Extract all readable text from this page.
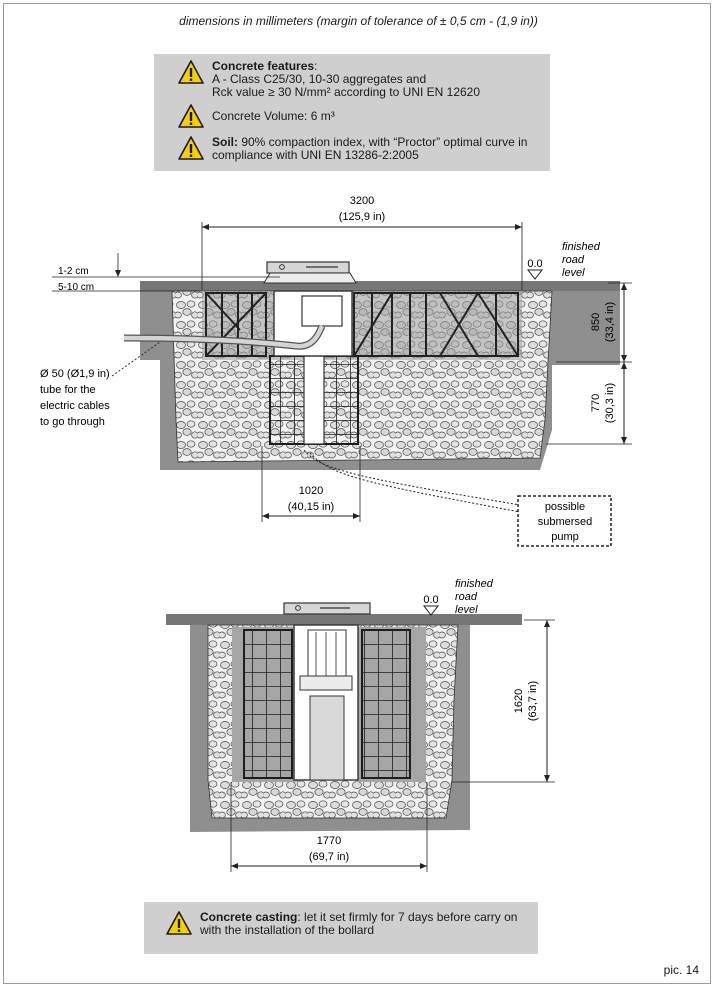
dimensions in millimeters (margin of tolerance of ± 0,5 cm - (1,9 in))
Concrete features:
A - Class C25/30, 10-30 aggregates and
Rck value ≥ 30 N/mm² according to UNI EN 12620
Concrete Volume: 6 m³
Soil: 90% compaction index, with “Proctor” optimal curve in
compliance with UNI EN 13286-2:2005
3200
(125,9 in)
1-2 cm
5-10 cm
0.0
finished
road
level
850 (33,4 in)
770 (30,3 in)
Ø 50 (Ø1,9 in)
tube for the
electric cables
to go through
1020
(40,15 in)	possible
submersed
pump
0.0
finished
road
level
1620 (63,7 in)
1770
(69,7 in)
Concrete casting: let it set firmly for 7 days before carry on
with the installation of the bollard
pic. 14
